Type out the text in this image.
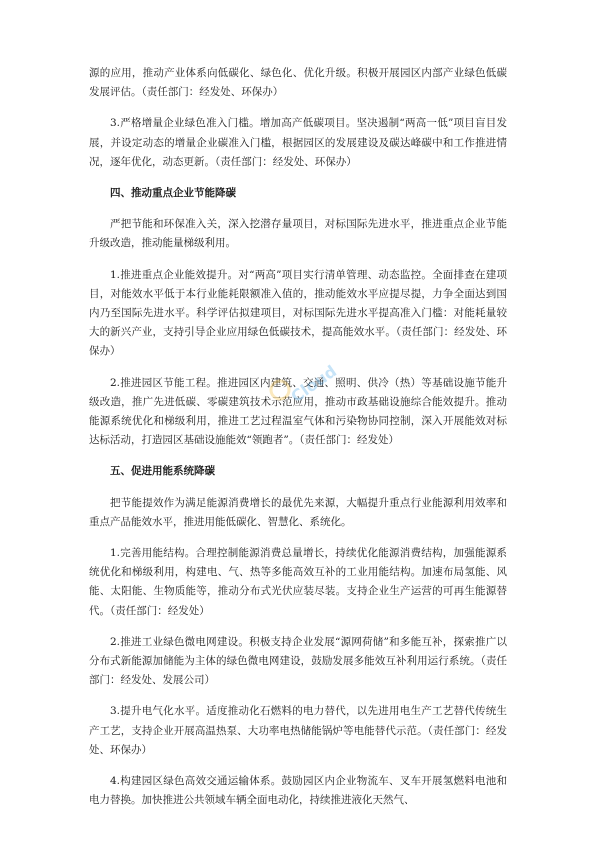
源的应用，推动产业体系向低碳化、绿色化、优化升级。积极开展园区内部产业绿色低碳发展评估。（责任部门：经发处、环保办）

3.严格增量企业绿色准入门槛。增加高产低碳项目。坚决遏制“两高一低”项目盲目发展，并设定动态的增量企业碳准入门槛，根据园区的发展建设及碳达峰碳中和工作推进情况，逐年优化，动态更新。（责任部门：经发处、环保办）

四、推动重点企业节能降碳

严把节能和环保准入关，深入挖潜存量项目，对标国际先进水平，推进重点企业节能升级改造，推动能量梯级利用。

1.推进重点企业能效提升。对“两高”项目实行清单管理、动态监控。全面排查在建项目，对能效水平低于本行业能耗限额准入值的，推动能效水平应提尽提，力争全面达到国内乃至国际先进水平。科学评估拟建项目，对标国际先进水平提高准入门槛：对能耗量较大的新兴产业，支持引导企业应用绿色低碳技术，提高能效水平。（责任部门：经发处、环保办）

2.推进园区节能工程。推进园区内建筑、交通、照明、供冷（热）等基础设施节能升级改造，推广先进低碳、零碳建筑技术示范应用，推动市政基础设施综合能效提升。推动能源系统优化和梯级利用，推进工艺过程温室气体和污染物协同控制，深入开展能效对标达标活动，打造园区基础设施能效“领跑者”。（责任部门：经发处）

五、促进用能系统降碳

把节能提效作为满足能源消费增长的最优先来源，大幅提升重点行业能源利用效率和重点产品能效水平，推进用能低碳化、智慧化、系统化。

1.完善用能结构。合理控制能源消费总量增长，持续优化能源消费结构，加强能源系统优化和梯级利用，构建电、气、热等多能高效互补的工业用能结构。加速布局氢能、风能、太阳能、生物质能等，推动分布式光伏应装尽装。支持企业生产运营的可再生能源替代。（责任部门：经发处）

2.推进工业绿色微电网建设。积极支持企业发展“源网荷储”和多能互补，探索推广以分布式新能源加储能为主体的绿色微电网建设，鼓励发展多能效互补利用运行系统。（责任部门：经发处、发展公司）

3.提升电气化水平。适度推动化石燃料的电力替代，以先进用电生产工艺替代传统生产工艺，支持企业开展高温热泵、大功率电热储能锅炉等电能替代示范。（责任部门：经发处、环保办）

4.构建园区绿色高效交通运输体系。鼓励园区内企业物流车、叉车开展氢燃料电池和电力替换。加快推进公共领域车辆全面电动化，持续推进液化天然气、

Cloud
